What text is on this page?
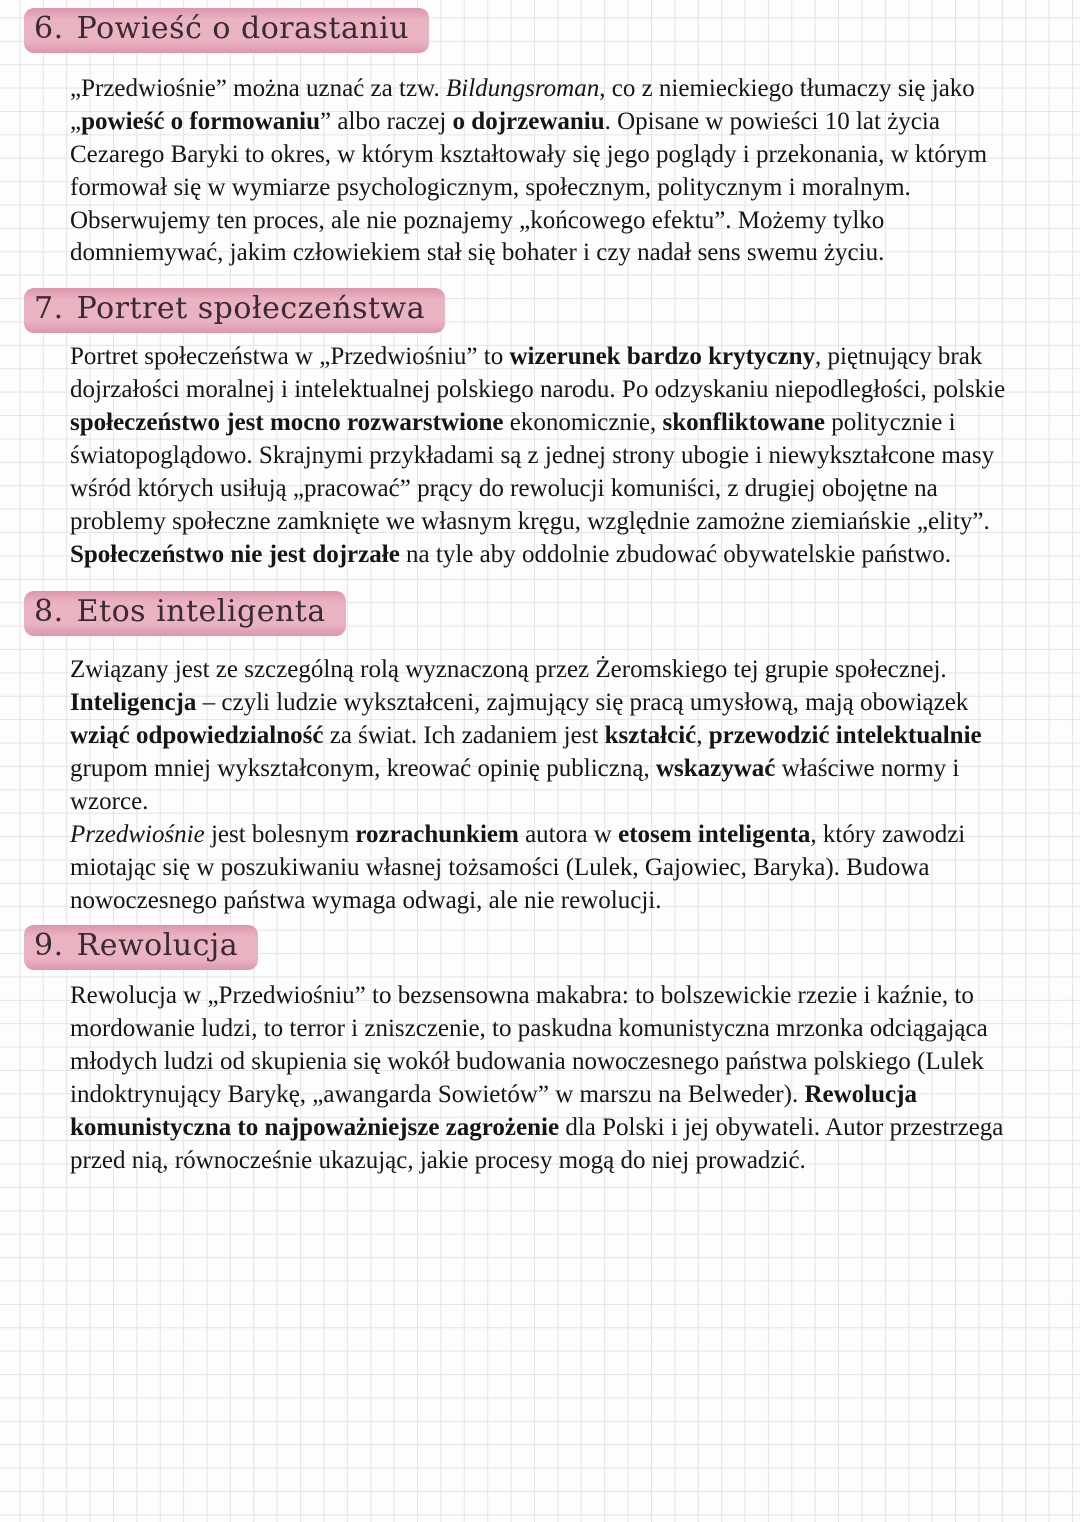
6. Powieść o dorastaniu

„Przedwiośnie” można uznać za tzw. Bildungsroman, co z niemieckiego tłumaczy się jako „powieść o formowaniu” albo raczej o dojrzewaniu. Opisane w powieści 10 lat życia Cezarego Baryki to okres, w którym kształtowały się jego poglądy i przekonania, w którym formował się w wymiarze psychologicznym, społecznym, politycznym i moralnym. Obserwujemy ten proces, ale nie poznajemy „końcowego efektu”. Możemy tylko domniemywać, jakim człowiekiem stał się bohater i czy nadał sens swemu życiu.

7. Portret społeczeństwa

Portret społeczeństwa w „Przedwiośniu” to wizerunek bardzo krytyczny, piętnujący brak dojrzałości moralnej i intelektualnej polskiego narodu. Po odzyskaniu niepodległości, polskie społeczeństwo jest mocno rozwarstwione ekonomicznie, skonfliktowane politycznie i światopoglądowo. Skrajnymi przykładami są z jednej strony ubogie i niewykształcone masy wśród których usiłują „pracować” prący do rewolucji komuniści, z drugiej obojętne na problemy społeczne zamknięte we własnym kręgu, względnie zamożne ziemiańskie „elity”. Społeczeństwo nie jest dojrzałe na tyle aby oddolnie zbudować obywatelskie państwo.

8. Etos inteligenta

Związany jest ze szczególną rolą wyznaczoną przez Żeromskiego tej grupie społecznej. Inteligencja – czyli ludzie wykształceni, zajmujący się pracą umysłową, mają obowiązek wziąć odpowiedzialność za świat. Ich zadaniem jest kształcić, przewodzić intelektualnie grupom mniej wykształconym, kreować opinię publiczną, wskazywać właściwe normy i wzorce.
Przedwiośnie jest bolesnym rozrachunkiem autora w etosem inteligenta, który zawodzi miotając się w poszukiwaniu własnej tożsamości (Lulek, Gajowiec, Baryka). Budowa nowoczesnego państwa wymaga odwagi, ale nie rewolucji.

9. Rewolucja

Rewolucja w „Przedwiośniu” to bezsensowna makabra: to bolszewickie rzezie i kaźnie, to mordowanie ludzi, to terror i zniszczenie, to paskudna komunistyczna mrzonka odciągająca młodych ludzi od skupienia się wokół budowania nowoczesnego państwa polskiego (Lulek indoktrynujący Barykę, „awangarda Sowietów” w marszu na Belweder). Rewolucja komunistyczna to najpoważniejsze zagrożenie dla Polski i jej obywateli. Autor przestrzega przed nią, równocześnie ukazując, jakie procesy mogą do niej prowadzić.
